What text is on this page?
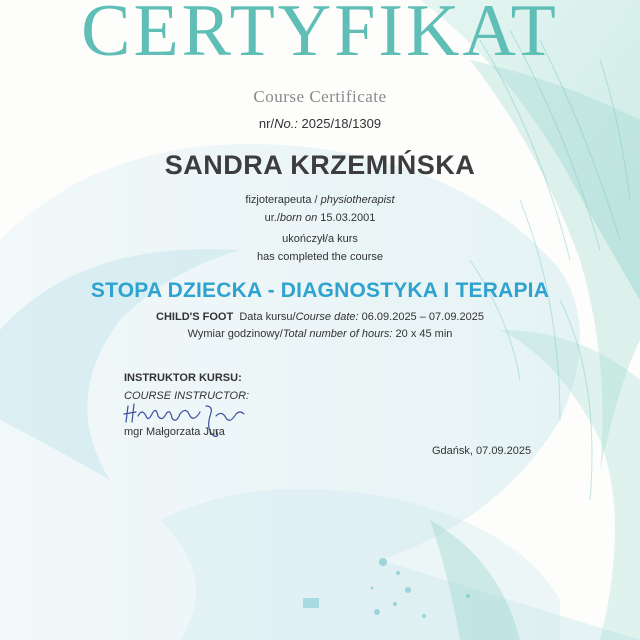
CERTYFIKAT
Course Certificate
nr/No.: 2025/18/1309
SANDRA KRZEMIŃSKA
fizjoterapeuta / physiotherapist
ur./born on 15.03.2001
ukończył/a kurs
has completed the course
STOPA DZIECKA - DIAGNOSTYKA I TERAPIA
CHILD'S FOOT Data kursu/Course date: 06.09.2025 – 07.09.2025
Wymiar godzinowy/Total number of hours: 20 x 45 min
INSTRUKTOR KURSU:
COURSE INSTRUCTOR:
mgr Małgorzata Jura
Gdańsk, 07.09.2025
